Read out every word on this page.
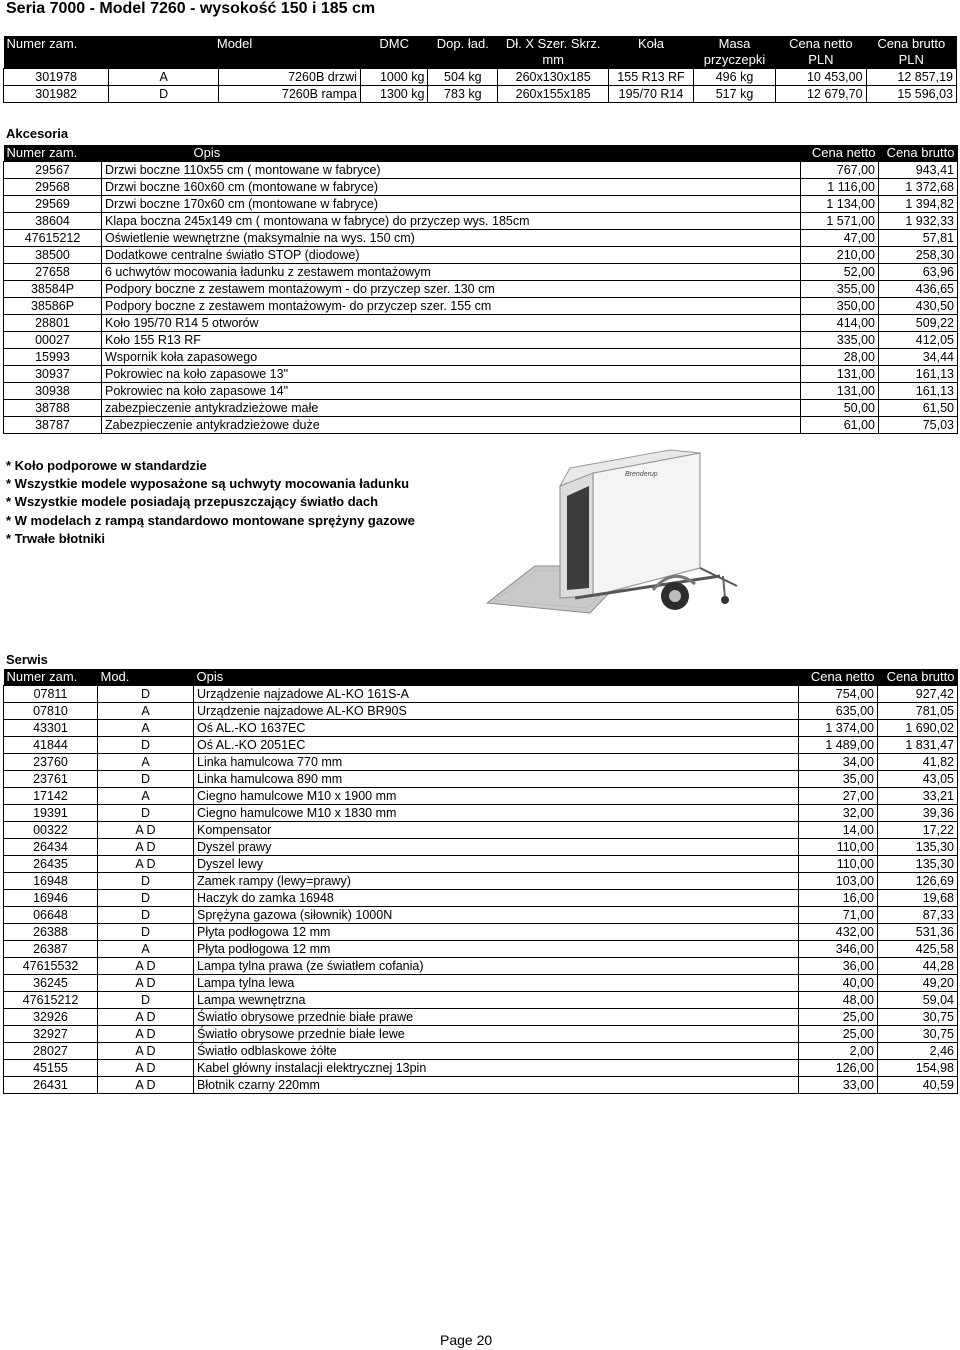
Seria 7000 - Model 7260 - wysokość 150 i 185 cm
Numer zam.	Model		DMC	Dop. ład.	Dł. X Szer. Skrz.	Koła	Masa	Cena netto	Cena brutto
					mm		przyczepki	PLN	PLN
301978	A	7260B drzwi	1000 kg	504 kg	260x130x185	155 R13 RF	496 kg	10 453,00	12 857,19
301982	D	7260B rampa	1300 kg	783 kg	260x155x185	195/70 R14	517 kg	12 679,70	15 596,03
Akcesoria
Numer zam.	Opis	Cena netto	Cena brutto
29567	Drzwi boczne 110x55 cm ( montowane w fabryce)	767,00	943,41
29568	Drzwi boczne 160x60 cm (montowane w fabryce)	1 116,00	1 372,68
29569	Drzwi boczne 170x60 cm (montowane w fabryce)	1 134,00	1 394,82
38604	Klapa boczna 245x149 cm ( montowana w fabryce) do przyczep wys. 185cm	1 571,00	1 932,33
47615212	Oświetlenie wewnętrzne (maksymalnie na wys. 150 cm)	47,00	57,81
38500	Dodatkowe centralne światło STOP (diodowe)	210,00	258,30
27658	6 uchwytów mocowania ładunku z zestawem montażowym	52,00	63,96
38584P	Podpory boczne z zestawem montażowym - do przyczep szer. 130 cm	355,00	436,65
38586P	Podpory boczne z zestawem montażowym- do przyczep szer. 155 cm	350,00	430,50
28801	Koło 195/70 R14 5 otworów	414,00	509,22
00027	Koło 155 R13 RF	335,00	412,05
15993	Wspornik koła zapasowego	28,00	34,44
30937	Pokrowiec na koło zapasowe 13"	131,00	161,13
30938	Pokrowiec na koło zapasowe 14"	131,00	161,13
38788	zabezpieczenie antykradzieżowe małe	50,00	61,50
38787	Zabezpieczenie antykradzieżowe duże	61,00	75,03
* Koło podporowe w standardzie
* Wszystkie modele wyposażone są uchwyty mocowania ładunku
* Wszystkie modele posiadają przepuszczający światło dach
* W modelach z rampą standardowo montowane sprężyny gazowe
* Trwałe błotniki
Brenderup
Serwis
Numer zam.	Mod.	Opis	Cena netto	Cena brutto
07811	D	Urządzenie najzadowe AL-KO 161S-A	754,00	927,42
07810	A	Urządzenie najzadowe AL-KO BR90S	635,00	781,05
43301	A	Oś AL.-KO 1637EC	1 374,00	1 690,02
41844	D	Oś AL.-KO 2051EC	1 489,00	1 831,47
23760	A	Linka hamulcowa 770 mm	34,00	41,82
23761	D	Linka hamulcowa 890 mm	35,00	43,05
17142	A	Ciegno hamulcowe M10 x 1900 mm	27,00	33,21
19391	D	Ciegno hamulcowe M10 x 1830 mm	32,00	39,36
00322	A D	Kompensator	14,00	17,22
26434	A D	Dyszel prawy	110,00	135,30
26435	A D	Dyszel lewy	110,00	135,30
16948	D	Zamek rampy (lewy=prawy)	103,00	126,69
16946	D	Haczyk do zamka 16948	16,00	19,68
06648	D	Sprężyna gazowa (siłownik) 1000N	71,00	87,33
26388	D	Płyta podłogowa 12 mm	432,00	531,36
26387	A	Płyta podłogowa 12 mm	346,00	425,58
47615532	A D	Lampa tylna prawa (ze światłem cofania)	36,00	44,28
36245	A D	Lampa tylna lewa	40,00	49,20
47615212	D	Lampa wewnętrzna	48,00	59,04
32926	A D	Światło obrysowe przednie białe prawe	25,00	30,75
32927	A D	Światło obrysowe przednie białe lewe	25,00	30,75
28027	A D	Światło odblaskowe żółte	2,00	2,46
45155	A D	Kabel główny instalacji elektrycznej 13pin	126,00	154,98
26431	A D	Błotnik czarny 220mm	33,00	40,59
Page 20
